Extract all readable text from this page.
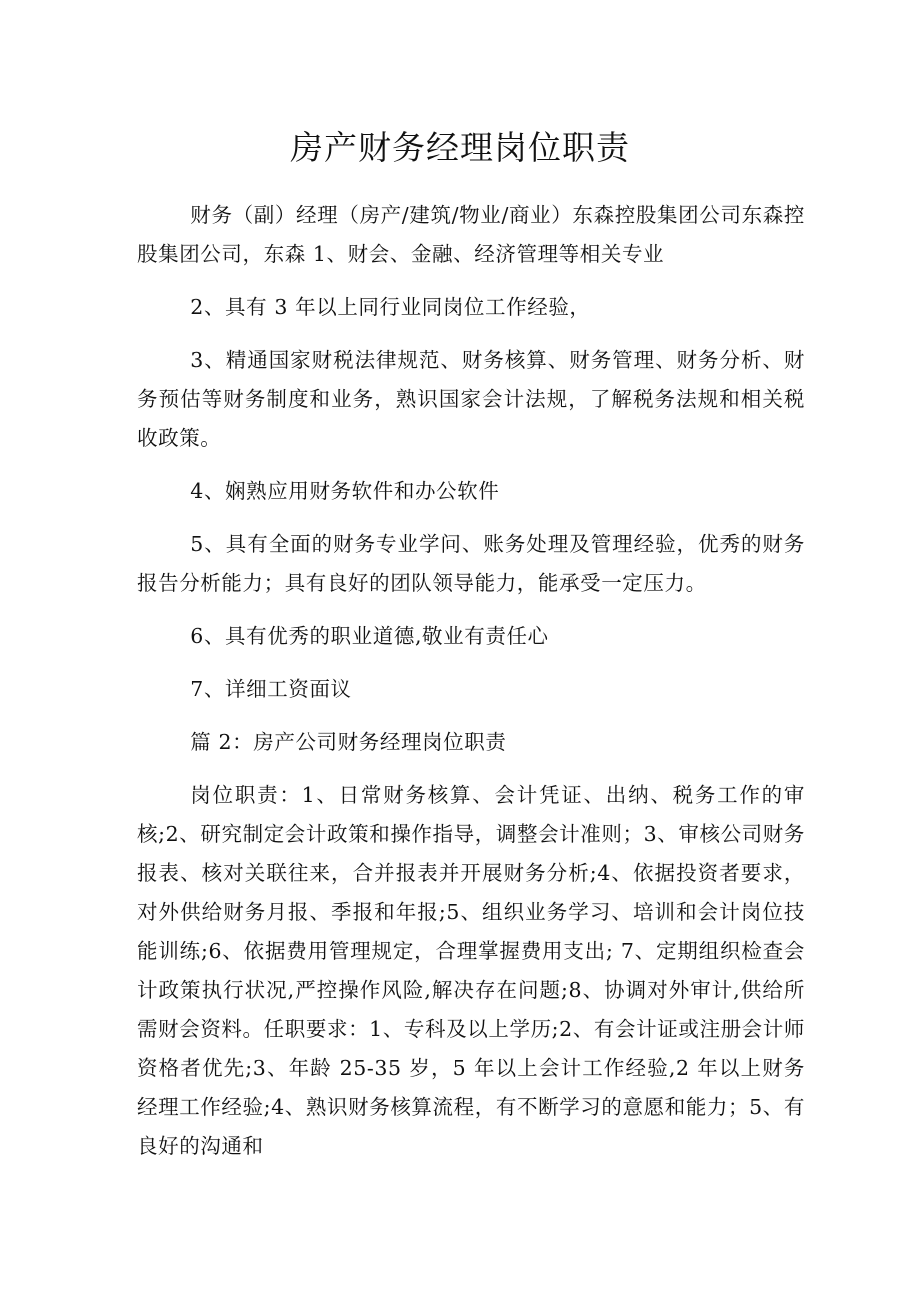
房产财务经理岗位职责

财务（副）经理（房产/建筑/物业/商业）东森控股集团公司东森控股集团公司，东森 1、财会、金融、经济管理等相关专业

2、具有 3 年以上同行业同岗位工作经验，

3、精通国家财税法律规范、财务核算、财务管理、财务分析、财务预估等财务制度和业务，熟识国家会计法规，了解税务法规和相关税收政策。

4、娴熟应用财务软件和办公软件

5、具有全面的财务专业学问、账务处理及管理经验，优秀的财务报告分析能力；具有良好的团队领导能力，能承受一定压力。

6、具有优秀的职业道德,敬业有责任心

7、详细工资面议

篇 2：房产公司财务经理岗位职责

岗位职责：1、日常财务核算、会计凭证、出纳、税务工作的审核;2、研究制定会计政策和操作指导，调整会计准则；3、审核公司财务报表、核对关联往来，合并报表并开展财务分析;4、依据投资者要求，对外供给财务月报、季报和年报;5、组织业务学习、培训和会计岗位技能训练;6、依据费用管理规定，合理掌握费用支出; 7、定期组织检查会计政策执行状况,严控操作风险,解决存在问题;8、协调对外审计,供给所需财会资料。任职要求：1、专科及以上学历;2、有会计证或注册会计师资格者优先;3、年龄 25-35 岁，5 年以上会计工作经验,2 年以上财务经理工作经验;4、熟识财务核算流程，有不断学习的意愿和能力；5、有良好的沟通和
